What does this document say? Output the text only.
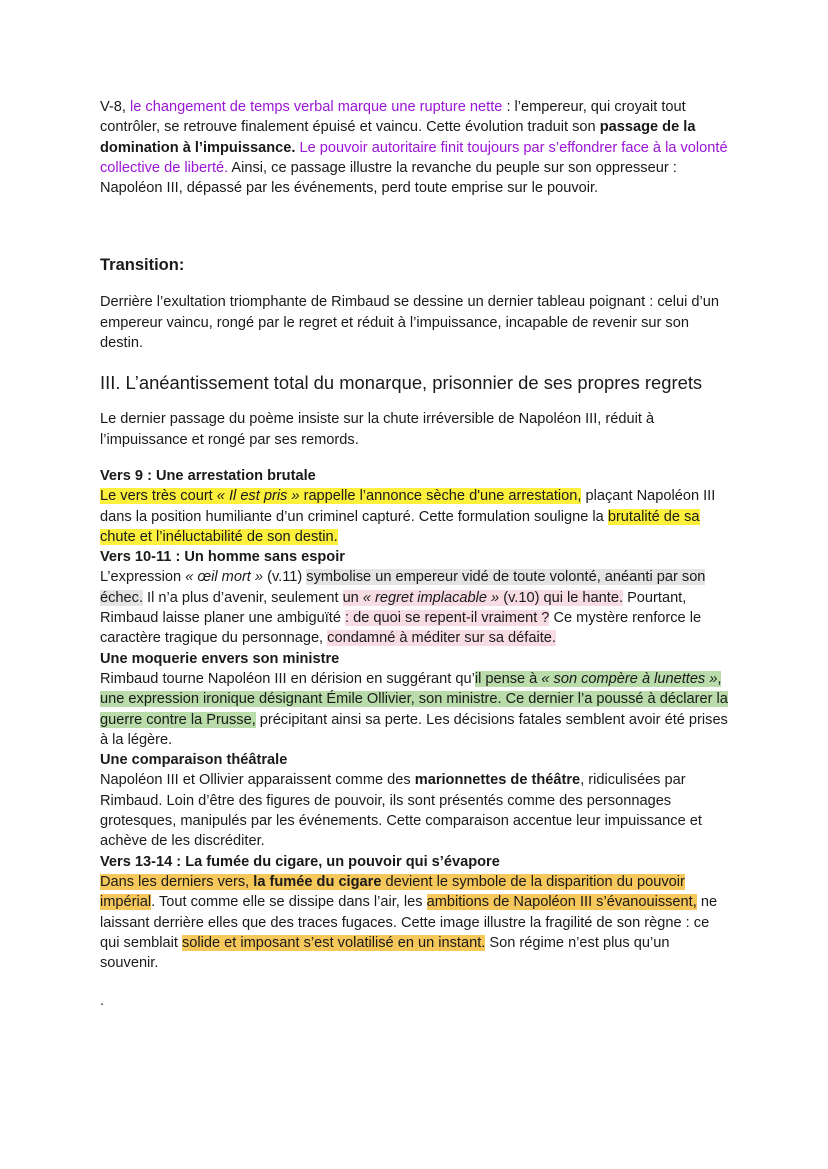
V-8, le changement de temps verbal marque une rupture nette : l’empereur, qui croyait tout contrôler, se retrouve finalement épuisé et vaincu. Cette évolution traduit son passage de la domination à l’impuissance. Le pouvoir autoritaire finit toujours par s’effondrer face à la volonté collective de liberté. Ainsi, ce passage illustre la revanche du peuple sur son oppresseur : Napoléon III, dépassé par les événements, perd toute emprise sur le pouvoir.

Transition:

Derrière l’exultation triomphante de Rimbaud se dessine un dernier tableau poignant : celui d’un empereur vaincu, rongé par le regret et réduit à l’impuissance, incapable de revenir sur son destin.

III. L’anéantissement total du monarque, prisonnier de ses propres regrets

Le dernier passage du poème insiste sur la chute irréversible de Napoléon III, réduit à l’impuissance et rongé par ses remords.

Vers 9 : Une arrestation brutale

Le vers très court « Il est pris » rappelle l’annonce sèche d'une arrestation, plaçant Napoléon III dans la position humiliante d’un criminel capturé. Cette formulation souligne la brutalité de sa chute et l’inéluctabilité de son destin.

Vers 10-11 : Un homme sans espoir

L’expression « œil mort » (v.11) symbolise un empereur vidé de toute volonté, anéanti par son échec. Il n’a plus d’avenir, seulement un « regret implacable » (v.10) qui le hante. Pourtant, Rimbaud laisse planer une ambiguïté : de quoi se repent-il vraiment ? Ce mystère renforce le caractère tragique du personnage, condamné à méditer sur sa défaite.

Une moquerie envers son ministre

Rimbaud tourne Napoléon III en dérision en suggérant qu’il pense à « son compère à lunettes », une expression ironique désignant Émile Ollivier, son ministre. Ce dernier l’a poussé à déclarer la guerre contre la Prusse, précipitant ainsi sa perte. Les décisions fatales semblent avoir été prises à la légère.

Une comparaison théâtrale

Napoléon III et Ollivier apparaissent comme des marionnettes de théâtre, ridiculisées par Rimbaud. Loin d’être des figures de pouvoir, ils sont présentés comme des personnages grotesques, manipulés par les événements. Cette comparaison accentue leur impuissance et achève de les discréditer.

Vers 13-14 : La fumée du cigare, un pouvoir qui s’évapore

Dans les derniers vers, la fumée du cigare devient le symbole de la disparition du pouvoir impérial. Tout comme elle se dissipe dans l’air, les ambitions de Napoléon III s’évanouissent, ne laissant derrière elles que des traces fugaces. Cette image illustre la fragilité de son règne : ce qui semblait solide et imposant s’est volatilisé en un instant. Son régime n’est plus qu’un souvenir.

.
